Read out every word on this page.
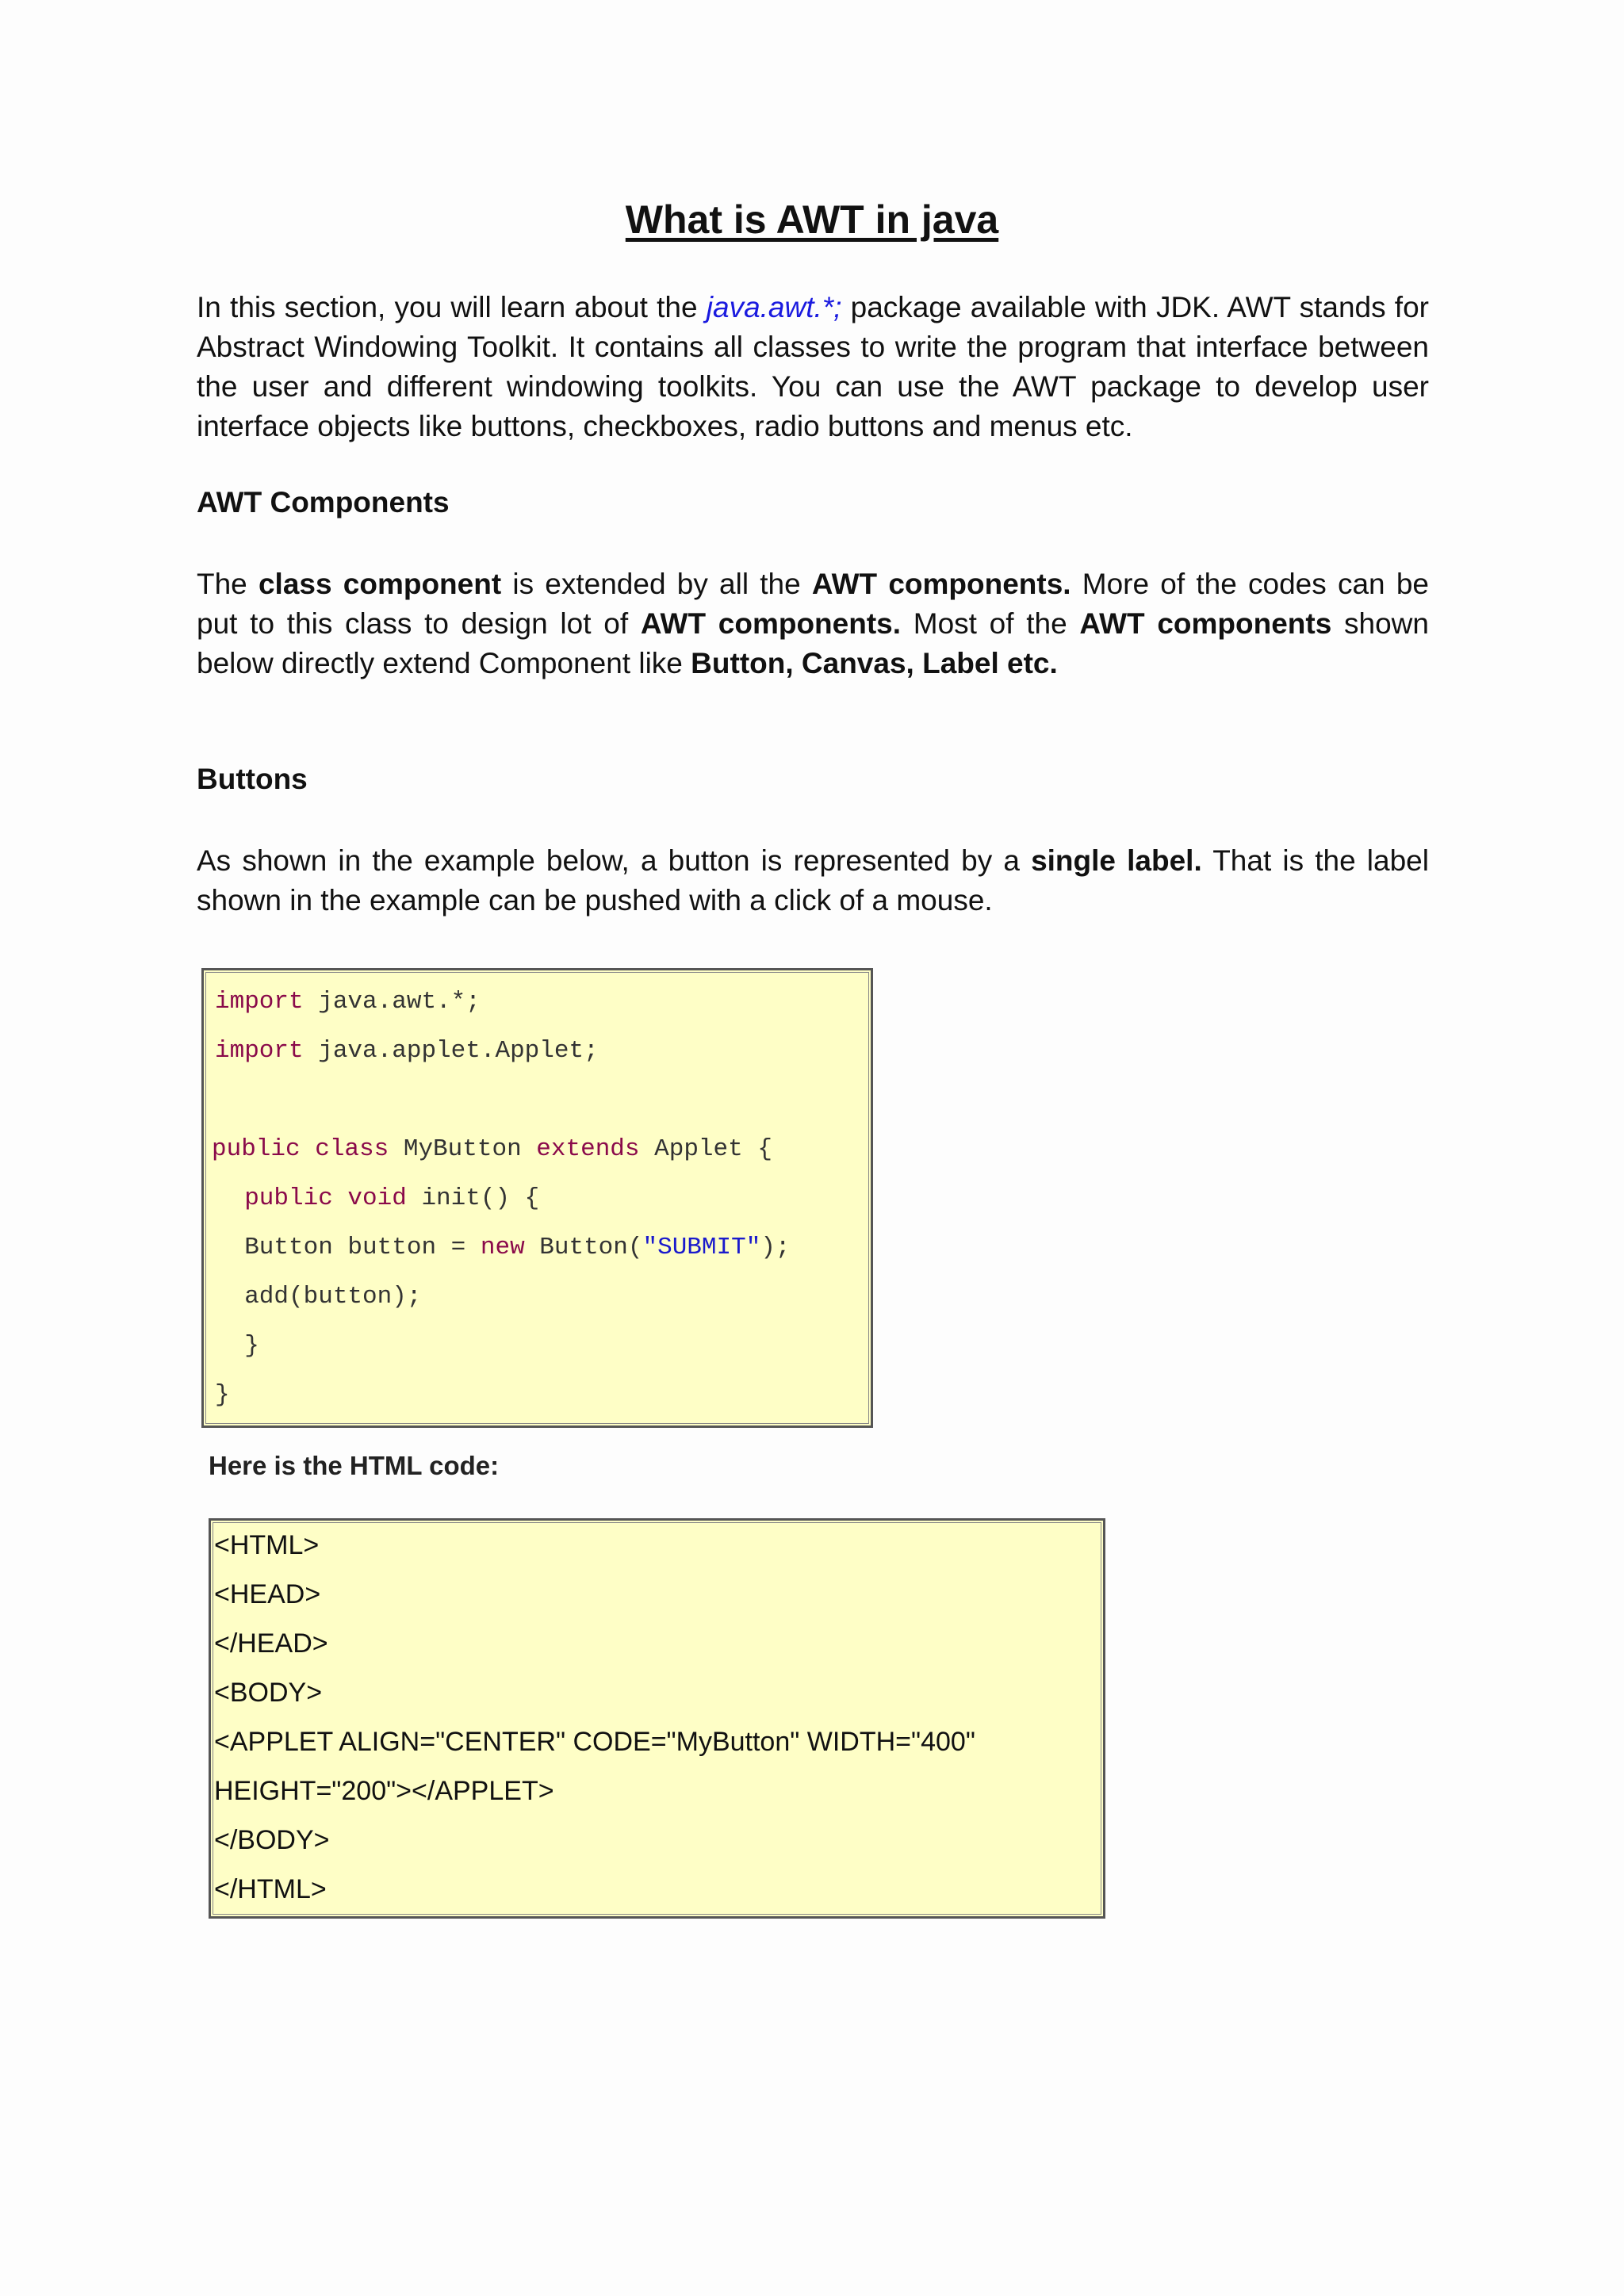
What is AWT in java

In this section, you will learn about the java.awt.*; package available with JDK. AWT stands for Abstract Windowing Toolkit. It contains all classes to write the program that interface between the user and different windowing toolkits. You can use the AWT package to develop user interface objects like buttons, checkboxes, radio buttons and menus etc.

AWT Components

The class component is extended by all the AWT components. More of the codes can be put to this class to design lot of AWT components. Most of the AWT components shown below directly extend Component like Button, Canvas, Label etc.

Buttons

As shown in the example below, a button is represented by a single label. That is the label shown in the example can be pushed with a click of a mouse.

import java.awt.*;
import java.applet.Applet;
public class MyButton extends Applet {
public void init() {
Button button = new Button("SUBMIT");
add(button);
}
}

Here is the HTML code:

<HTML>
<HEAD>
</HEAD>
<BODY>
<APPLET ALIGN="CENTER" CODE="MyButton" WIDTH="400"
HEIGHT="200"></APPLET>
</BODY>
</HTML>
